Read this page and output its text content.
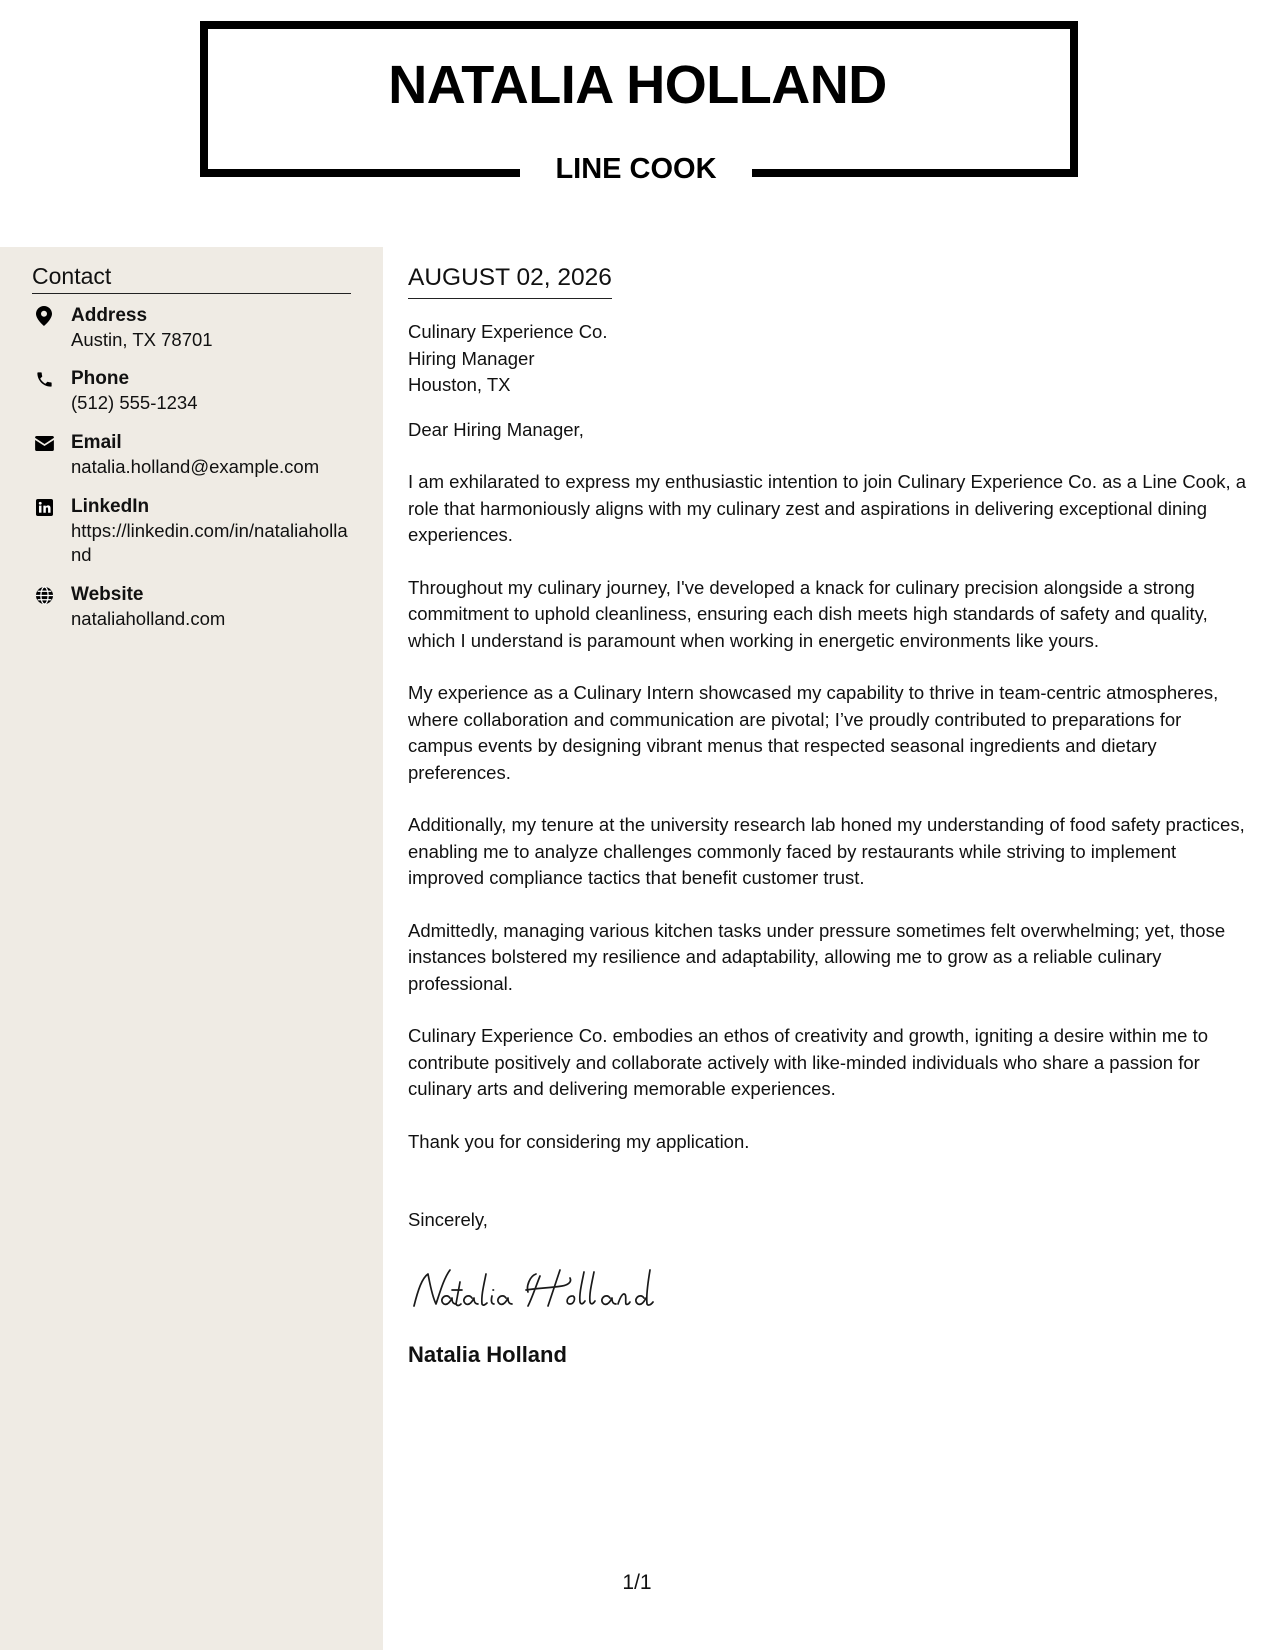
NATALIA HOLLAND
LINE COOK
Contact
Address
Austin, TX 78701
Phone
(512) 555-1234
Email
natalia.holland@example.com
LinkedIn
https://linkedin.com/in/nataliaholland
Website
nataliaholland.com
AUGUST 02, 2026
Culinary Experience Co.
Hiring Manager
Houston, TX

Dear Hiring Manager,

I am exhilarated to express my enthusiastic intention to join Culinary Experience Co. as a Line Cook, a role that harmoniously aligns with my culinary zest and aspirations in delivering exceptional dining experiences.

Throughout my culinary journey, I've developed a knack for culinary precision alongside a strong commitment to uphold cleanliness, ensuring each dish meets high standards of safety and quality, which I understand is paramount when working in energetic environments like yours.

My experience as a Culinary Intern showcased my capability to thrive in team-centric atmospheres, where collaboration and communication are pivotal; I’ve proudly contributed to preparations for campus events by designing vibrant menus that respected seasonal ingredients and dietary preferences.

Additionally, my tenure at the university research lab honed my understanding of food safety practices, enabling me to analyze challenges commonly faced by restaurants while striving to implement improved compliance tactics that benefit customer trust.

Admittedly, managing various kitchen tasks under pressure sometimes felt overwhelming; yet, those instances bolstered my resilience and adaptability, allowing me to grow as a reliable culinary professional.

Culinary Experience Co. embodies an ethos of creativity and growth, igniting a desire within me to contribute positively and collaborate actively with like-minded individuals who share a passion for culinary arts and delivering memorable experiences.

Thank you for considering my application.

Sincerely,

Natalia Holland
1/1
